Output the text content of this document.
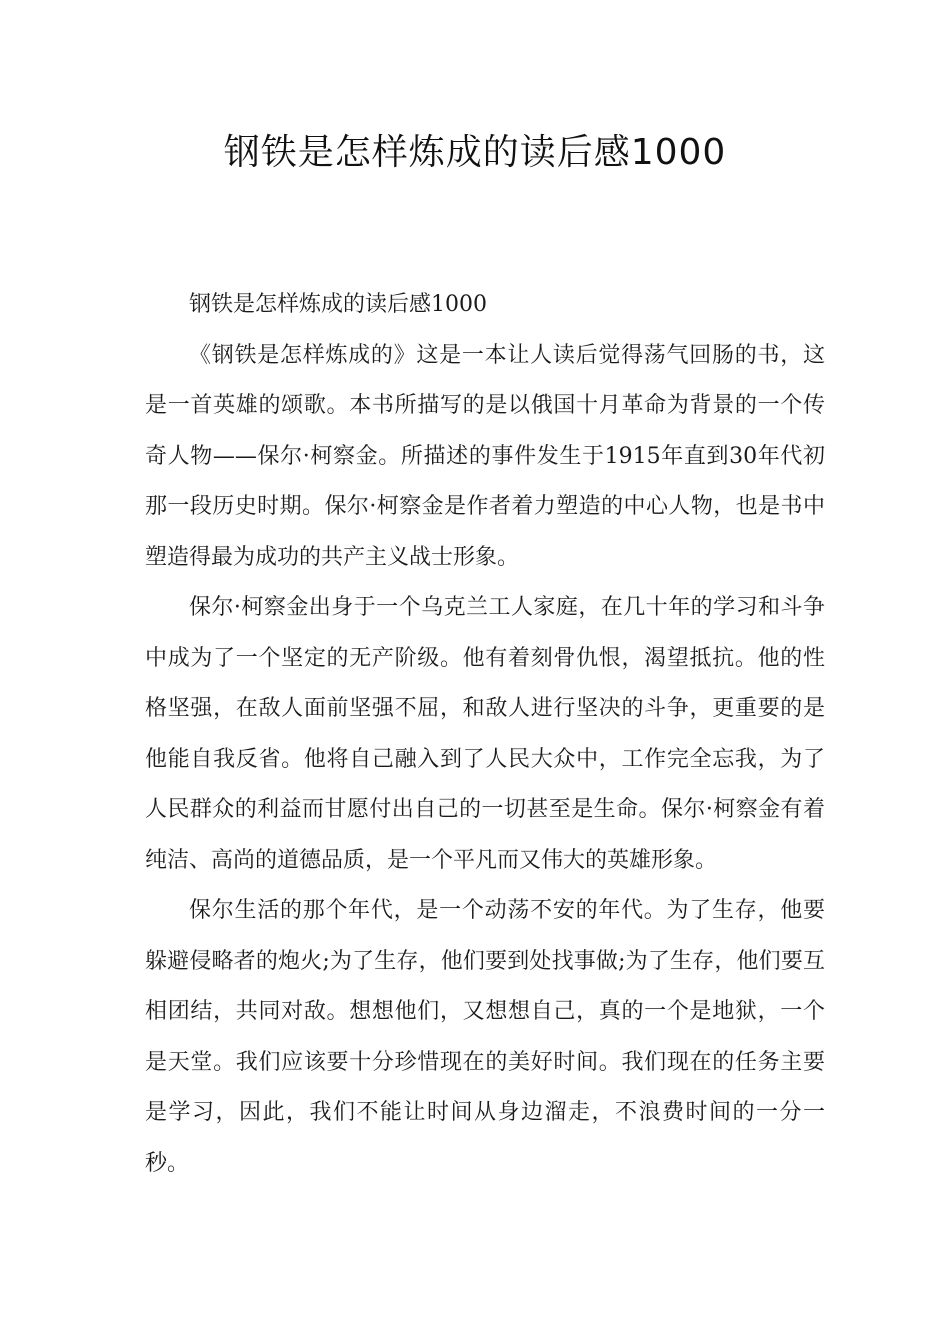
钢铁是怎样炼成的读后感1000

钢铁是怎样炼成的读后感1000

《钢铁是怎样炼成的》这是一本让人读后觉得荡气回肠的书，这是一首英雄的颂歌。本书所描写的是以俄国十月革命为背景的一个传奇人物——保尔·柯察金。所描述的事件发生于1915年直到30年代初那一段历史时期。保尔·柯察金是作者着力塑造的中心人物，也是书中塑造得最为成功的共产主义战士形象。

保尔·柯察金出身于一个乌克兰工人家庭，在几十年的学习和斗争中成为了一个坚定的无产阶级。他有着刻骨仇恨，渴望抵抗。他的性格坚强，在敌人面前坚强不屈，和敌人进行坚决的斗争，更重要的是他能自我反省。他将自己融入到了人民大众中，工作完全忘我，为了人民群众的利益而甘愿付出自己的一切甚至是生命。保尔·柯察金有着纯洁、高尚的道德品质，是一个平凡而又伟大的英雄形象。

保尔生活的那个年代，是一个动荡不安的年代。为了生存，他要躲避侵略者的炮火;为了生存，他们要到处找事做;为了生存，他们要互相团结，共同对敌。想想他们，又想想自己，真的一个是地狱，一个是天堂。我们应该要十分珍惜现在的美好时间。我们现在的任务主要是学习，因此，我们不能让时间从身边溜走，不浪费时间的一分一秒。
